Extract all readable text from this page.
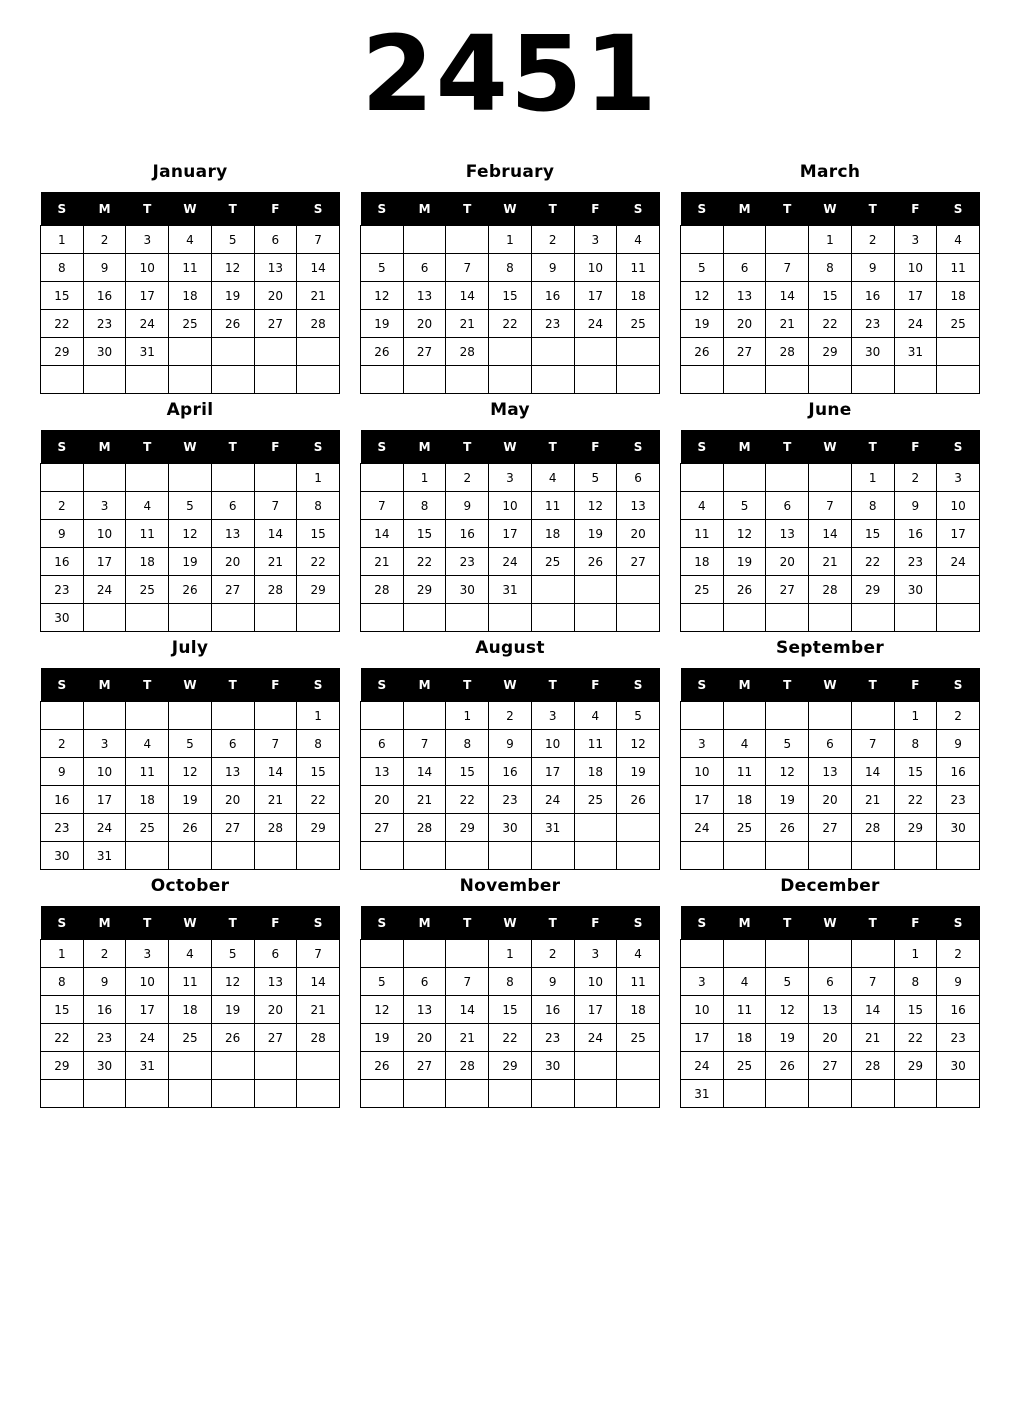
2451
January
S	M	T	W	T	F	S
1	2	3	4	5	6	7
8	9	10	11	12	13	14
15	16	17	18	19	20	21
22	23	24	25	26	27	28
29	30	31				

February
S	M	T	W	T	F	S
			1	2	3	4
5	6	7	8	9	10	11
12	13	14	15	16	17	18
19	20	21	22	23	24	25
26	27	28				

March
S	M	T	W	T	F	S
			1	2	3	4
5	6	7	8	9	10	11
12	13	14	15	16	17	18
19	20	21	22	23	24	25
26	27	28	29	30	31	

April
S	M	T	W	T	F	S
						1
2	3	4	5	6	7	8
9	10	11	12	13	14	15
16	17	18	19	20	21	22
23	24	25	26	27	28	29
30						
May
S	M	T	W	T	F	S
	1	2	3	4	5	6
7	8	9	10	11	12	13
14	15	16	17	18	19	20
21	22	23	24	25	26	27
28	29	30	31			

June
S	M	T	W	T	F	S
				1	2	3
4	5	6	7	8	9	10
11	12	13	14	15	16	17
18	19	20	21	22	23	24
25	26	27	28	29	30	

July
S	M	T	W	T	F	S
						1
2	3	4	5	6	7	8
9	10	11	12	13	14	15
16	17	18	19	20	21	22
23	24	25	26	27	28	29
30	31					
August
S	M	T	W	T	F	S
		1	2	3	4	5
6	7	8	9	10	11	12
13	14	15	16	17	18	19
20	21	22	23	24	25	26
27	28	29	30	31		

September
S	M	T	W	T	F	S
					1	2
3	4	5	6	7	8	9
10	11	12	13	14	15	16
17	18	19	20	21	22	23
24	25	26	27	28	29	30

October
S	M	T	W	T	F	S
1	2	3	4	5	6	7
8	9	10	11	12	13	14
15	16	17	18	19	20	21
22	23	24	25	26	27	28
29	30	31				

November
S	M	T	W	T	F	S
			1	2	3	4
5	6	7	8	9	10	11
12	13	14	15	16	17	18
19	20	21	22	23	24	25
26	27	28	29	30		

December
S	M	T	W	T	F	S
					1	2
3	4	5	6	7	8	9
10	11	12	13	14	15	16
17	18	19	20	21	22	23
24	25	26	27	28	29	30
31						
